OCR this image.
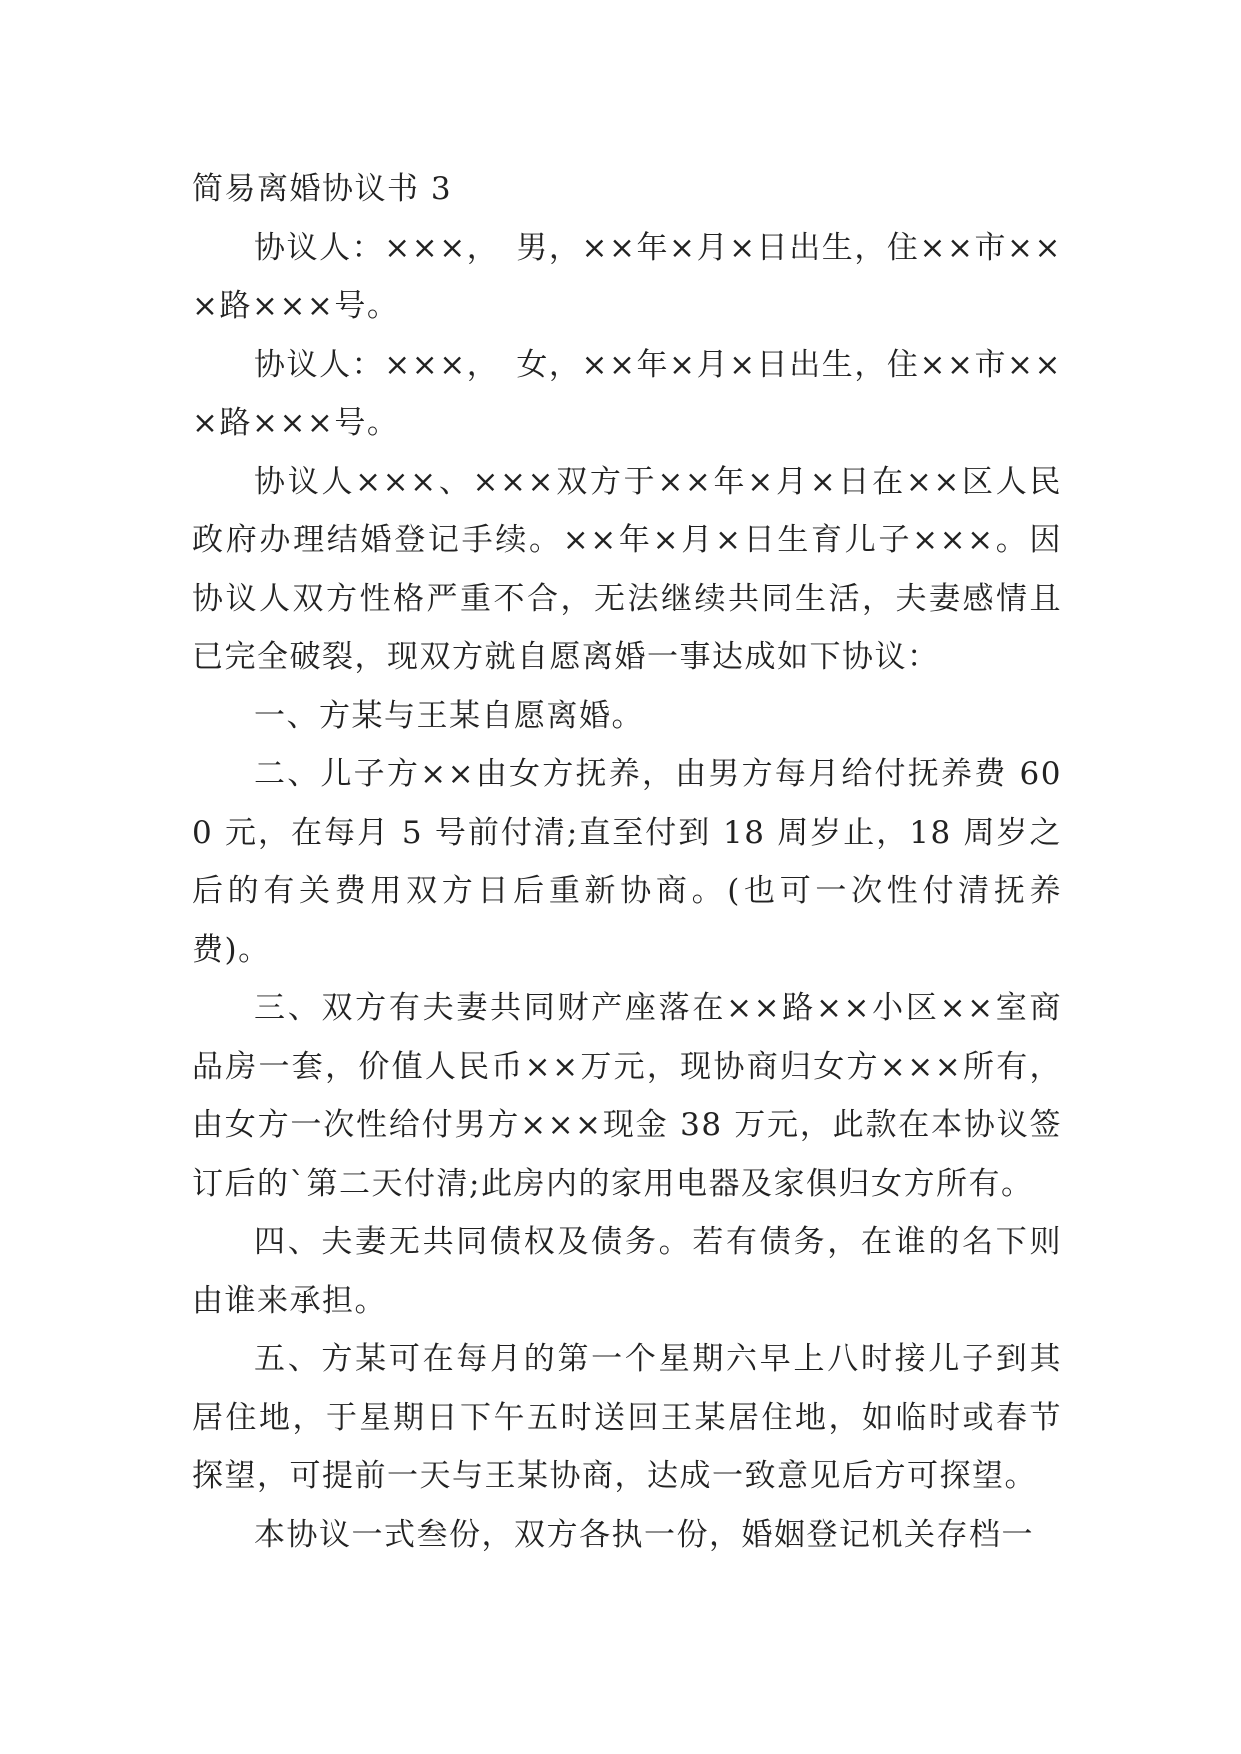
简易离婚协议书 3

协议人：×××，　男，××年×月×日出生，住××市×××路×××号。

协议人：×××，　女，××年×月×日出生，住××市×××路×××号。

协议人×××、×××双方于××年×月×日在××区人民政府办理结婚登记手续。××年×月×日生育儿子×××。因协议人双方性格严重不合，无法继续共同生活，夫妻感情且已完全破裂，现双方就自愿离婚一事达成如下协议：

一、方某与王某自愿离婚。

二、儿子方××由女方抚养，由男方每月给付抚养费 600 元，在每月 5 号前付清;直至付到 18 周岁止，18 周岁之后的有关费用双方日后重新协商。(也可一次性付清抚养费)。

三、双方有夫妻共同财产座落在××路××小区××室商品房一套，价值人民币××万元，现协商归女方×××所有，由女方一次性给付男方×××现金 38 万元，此款在本协议签订后的`第二天付清;此房内的家用电器及家俱归女方所有。

四、夫妻无共同债权及债务。若有债务，在谁的名下则由谁来承担。

五、方某可在每月的第一个星期六早上八时接儿子到其居住地，于星期日下午五时送回王某居住地，如临时或春节探望，可提前一天与王某协商，达成一致意见后方可探望。

本协议一式叁份，双方各执一份，婚姻登记机关存档一
